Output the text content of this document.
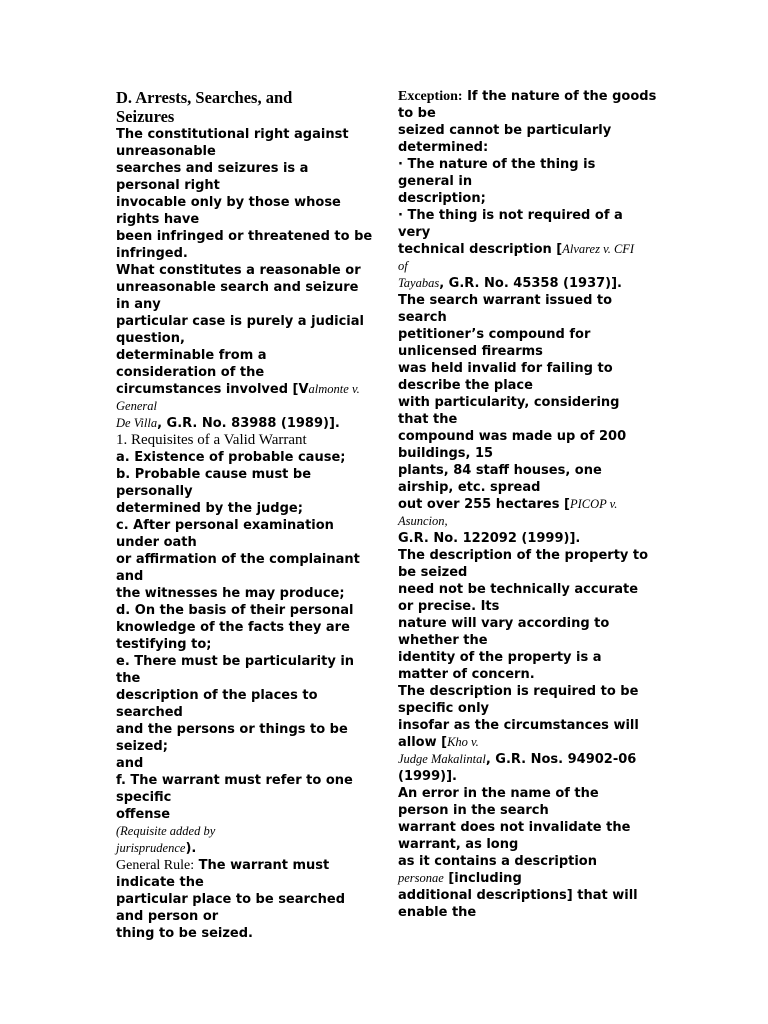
D. Arrests, Searches, and
Seizures
The constitutional right against
unreasonable
searches and seizures is a
personal right
invocable only by those whose
rights have
been infringed or threatened to be
infringed.
What constitutes a reasonable or
unreasonable search and seizure
in any
particular case is purely a judicial
question,
determinable from a
consideration of the
circumstances involved [Valmonte v.
General
De Villa, G.R. No. 83988 (1989)].
1. Requisites of a Valid Warrant
a. Existence of probable cause;
b. Probable cause must be
personally
determined by the judge;
c. After personal examination
under oath
or affirmation of the complainant
and
the witnesses he may produce;
d. On the basis of their personal
knowledge of the facts they are
testifying to;
e. There must be particularity in
the
description of the places to
searched
and the persons or things to be
seized;
and
f. The warrant must refer to one
specific
offense
(Requisite added by
jurisprudence).
General Rule: The warrant must
indicate the
particular place to be searched
and person or
thing to be seized.
Exception: If the nature of the goods
to be
seized cannot be particularly
determined:
· The nature of the thing is
general in
description;
· The thing is not required of a
very
technical description [Alvarez v. CFI
of
Tayabas, G.R. No. 45358 (1937)].
The search warrant issued to
search
petitioner’s compound for
unlicensed firearms
was held invalid for failing to
describe the place
with particularity, considering
that the
compound was made up of 200
buildings, 15
plants, 84 staff houses, one
airship, etc. spread
out over 255 hectares [PICOP v.
Asuncion,
G.R. No. 122092 (1999)].
The description of the property to
be seized
need not be technically accurate
or precise. Its
nature will vary according to
whether the
identity of the property is a
matter of concern.
The description is required to be
specific only
insofar as the circumstances will
allow [Kho v.
Judge Makalintal, G.R. Nos. 94902-06
(1999)].
An error in the name of the
person in the search
warrant does not invalidate the
warrant, as long
as it contains a description
personae [including
additional descriptions] that will
enable the
